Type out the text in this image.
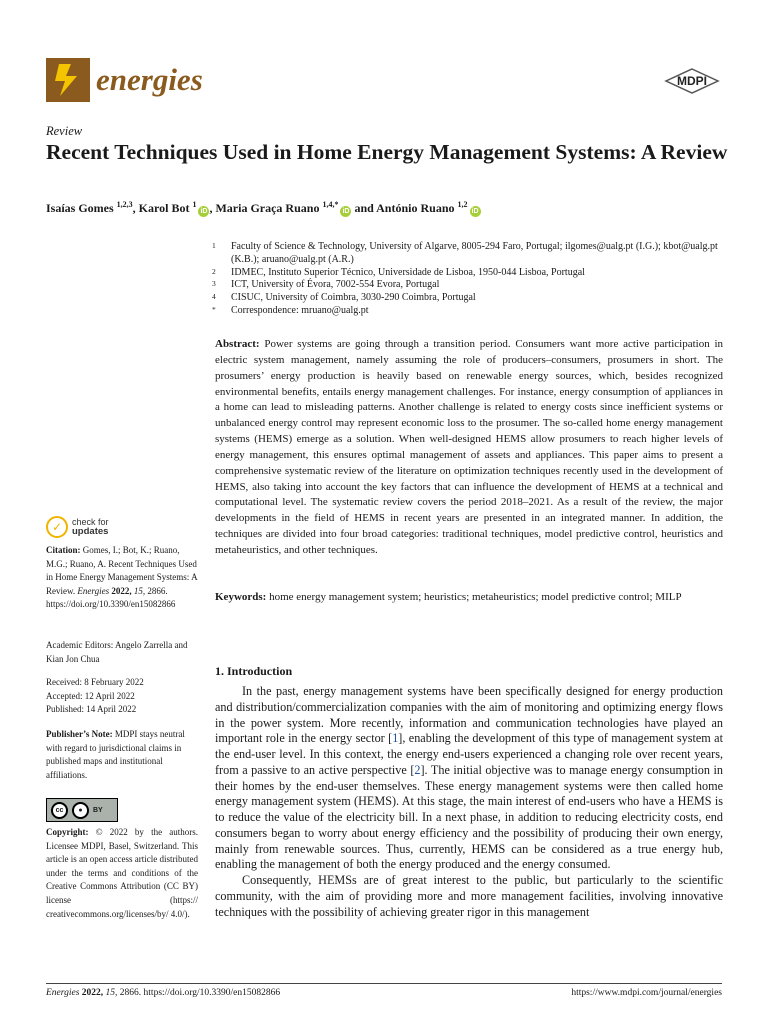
energies	MDPI
Review
Recent Techniques Used in Home Energy Management Systems: A Review
Isaías Gomes $^{1,2,3}$, Karol Bot $^1$iD , Maria Graça Ruano $^{1,4,*}$iD and António Ruano $^{1,2}$iD
1 Faculty of Science & Technology, University of Algarve, 8005-294 Faro, Portugal; ilgomes@ualg.pt (I.G.); kbot@ualg.pt (K.B.); aruano@ualg.pt (A.R.)
2 IDMEC, Instituto Superior Técnico, Universidade de Lisboa, 1950-044 Lisboa, Portugal
3 ICT, University of Évora, 7002-554 Evora, Portugal
4 CISUC, University of Coimbra, 3030-290 Coimbra, Portugal
* Correspondence: mruano@ualg.pt
Abstract: Power systems are going through a transition period. Consumers want more active participation in electric system management, namely assuming the role of producers–consumers, prosumers in short. The prosumers’ energy production is heavily based on renewable energy sources, which, besides recognized environmental benefits, entails energy management challenges. For instance, energy consumption of appliances in a home can lead to misleading patterns. Another challenge is related to energy costs since inefficient systems or unbalanced energy control may represent economic loss to the prosumer. The so-called home energy management systems (HEMS) emerge as a solution. When well-designed HEMS allow prosumers to reach higher levels of energy management, this ensures optimal management of assets and appliances. This paper aims to present a comprehensive systematic review of the literature on optimization techniques recently used in the development of HEMS, also taking into account the key factors that can influence the development of HEMS at a technical and computational level. The systematic review covers the period 2018–2021. As a result of the review, the major developments in the field of HEMS in recent years are presented in an integrated manner. In addition, the techniques are divided into four broad categories: traditional techniques, model predictive control, heuristics and metaheuristics, and other techniques.
Keywords: home energy management system; heuristics; metaheuristics; model predictive control; MILP
1. Introduction

In the past, energy management systems have been specifically designed for energy production and distribution/commercialization companies with the aim of monitoring and optimizing energy flows in the power system. More recently, information and communication technologies have played an important role in the energy sector [1], enabling the development of this type of management system at the end-user level. In this context, the energy end-users experienced a changing role over recent years, from a passive to an active perspective [2]. The initial objective was to manage energy consumption in their homes by the end-user themselves. These energy management systems were then called home energy management system (HEMS). At this stage, the main interest of end-users who have a HEMS is to reduce the value of the electricity bill. In a next phase, in addition to reducing electricity costs, end consumers began to worry about energy efficiency and the possibility of producing their own energy, mainly from renewable sources. Thus, currently, HEMS can be considered as a true energy hub, enabling the management of both the energy produced and the energy consumed.

Consequently, HEMSs are of great interest to the public, but particularly to the scientific community, with the aim of providing more and more management facilities, involving innovative techniques with the possibility of achieving greater rigor in this management

✓	check for
updates
Citation: Gomes, I.; Bot, K.; Ruano, M.G.; Ruano, A. Recent Techniques Used in Home Energy Management Systems: A Review. Energies 2022, 15, 2866. https://doi.org/10.3390/en15082866
Academic Editors: Angelo Zarrella and Kian Jon Chua
Received: 8 February 2022
Accepted: 12 April 2022
Published: 14 April 2022
Publisher’s Note: MDPI stays neutral with regard to jurisdictional claims in published maps and institutional affiliations.
cc	●	BY
Copyright: © 2022 by the authors. Licensee MDPI, Basel, Switzerland. This article is an open access article distributed under the terms and conditions of the Creative Commons Attribution (CC BY) license (https:// creativecommons.org/licenses/by/ 4.0/).
Energies 2022, 15, 2866. https://doi.org/10.3390/en15082866	https://www.mdpi.com/journal/energies
